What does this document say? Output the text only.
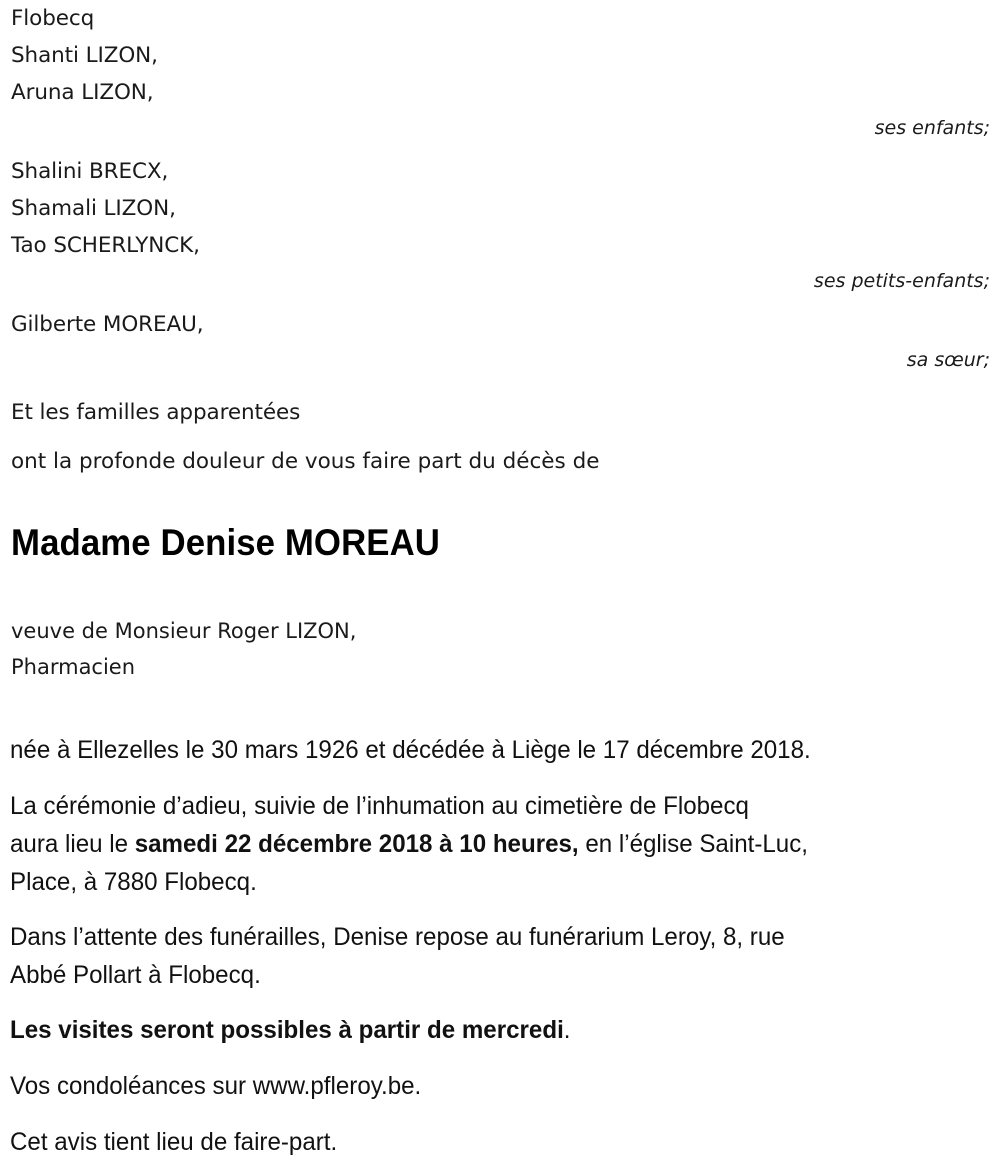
Flobecq
Shanti LIZON,
Aruna LIZON,
ses enfants;
Shalini BRECX,
Shamali LIZON,
Tao SCHERLYNCK,
ses petits-enfants;
Gilberte MOREAU,
sa sœur;
Et les familles apparentées
ont la profonde douleur de vous faire part du décès de
Madame Denise MOREAU
veuve de Monsieur Roger LIZON,
Pharmacien

née à Ellezelles le 30 mars 1926 et décédée à Liège le 17 décembre 2018.

La cérémonie d’adieu, suivie de l’inhumation au cimetière de Flobecq
aura lieu le samedi 22 décembre 2018 à 10 heures, en l’église Saint-Luc,
Place, à 7880 Flobecq.

Dans l’attente des funérailles, Denise repose au funérarium Leroy, 8, rue
Abbé Pollart à Flobecq.

Les visites seront possibles à partir de mercredi.

Vos condoléances sur www.pfleroy.be.

Cet avis tient lieu de faire-part.
